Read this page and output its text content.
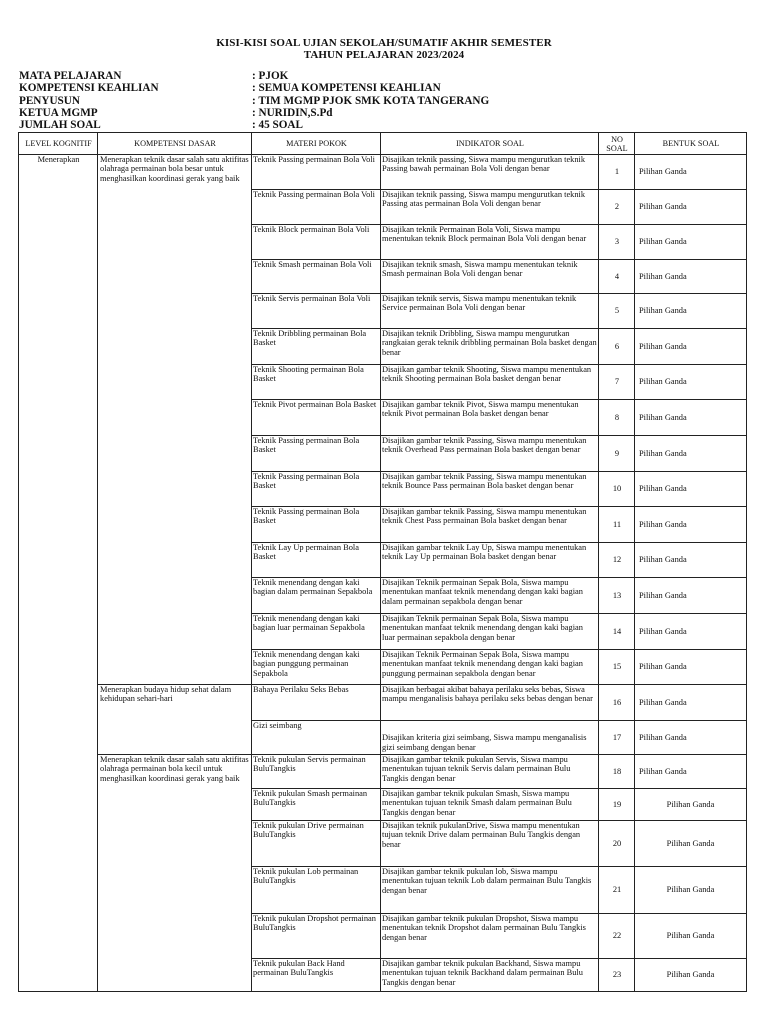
KISI-KISI SOAL UJIAN SEKOLAH/SUMATIF AKHIR SEMESTER
TAHUN PELAJARAN 2023/2024
MATA PELAJARAN	: PJOK
KOMPETENSI KEAHLIAN	: SEMUA KOMPETENSI KEAHLIAN
PENYUSUN	: TIM MGMP PJOK SMK KOTA TANGERANG
KETUA MGMP	: NURIDIN,S.Pd
JUMLAH SOAL	: 45 SOAL
LEVEL KOGNITIF	KOMPETENSI DASAR	MATERI POKOK	INDIKATOR SOAL	NO SOAL	BENTUK SOAL
Menerapkan	Menerapkan teknik dasar salah satu aktifitas olahraga permainan bola besar untuk menghasilkan koordinasi gerak yang baik	Teknik Passing permainan Bola Voli	Disajikan teknik passing, Siswa mampu mengurutkan teknik Passing bawah permainan Bola Voli dengan benar	1	Pilihan Ganda
		Teknik Passing permainan Bola Voli	Disajikan teknik passing, Siswa mampu mengurutkan teknik Passing atas permainan Bola Voli dengan benar	2	Pilihan Ganda
		Teknik Block permainan Bola Voli	Disajikan teknik Permainan Bola Voli, Siswa mampu menentukan teknik Block permainan Bola Voli dengan benar	3	Pilihan Ganda
		Teknik Smash permainan Bola Voli	Disajikan teknik smash, Siswa mampu menentukan teknik Smash permainan Bola Voli dengan benar	4	Pilihan Ganda
		Teknik Servis permainan Bola Voli	Disajikan teknik servis, Siswa mampu menentukan teknik Service permainan Bola Voli dengan benar	5	Pilihan Ganda
		Teknik Dribbling permainan Bola Basket	Disajikan teknik Dribbling, Siswa mampu mengurutkan rangkaian gerak teknik dribbling permainan Bola basket dengan benar	6	Pilihan Ganda
		Teknik Shooting permainan Bola Basket	Disajikan gambar teknik Shooting, Siswa mampu menentukan teknik Shooting permainan Bola basket dengan benar	7	Pilihan Ganda
		Teknik Pivot permainan Bola Basket	Disajikan gambar teknik Pivot, Siswa mampu menentukan teknik Pivot permainan Bola basket dengan benar	8	Pilihan Ganda
		Teknik Passing permainan Bola Basket	Disajikan gambar teknik Passing, Siswa mampu menentukan teknik Overhead Pass permainan Bola basket dengan benar	9	Pilihan Ganda
		Teknik Passing permainan Bola Basket	Disajikan gambar teknik Passing, Siswa mampu menentukan teknik Bounce Pass permainan Bola basket dengan benar	10	Pilihan Ganda
		Teknik Passing permainan Bola Basket	Disajikan gambar teknik Passing, Siswa mampu menentukan teknik Chest Pass permainan Bola basket dengan benar	11	Pilihan Ganda
		Teknik Lay Up permainan Bola Basket	Disajikan gambar teknik Lay Up, Siswa mampu menentukan teknik Lay Up permainan Bola basket dengan benar	12	Pilihan Ganda
		Teknik menendang dengan kaki bagian dalam permainan Sepakbola	Disajikan Teknik permainan Sepak Bola, Siswa mampu menentukan manfaat teknik menendang dengan kaki bagian dalam permainan sepakbola dengan benar	13	Pilihan Ganda
		Teknik menendang dengan kaki bagian luar permainan Sepakbola	Disajikan Teknik permainan Sepak Bola, Siswa mampu menentukan manfaat teknik menendang dengan kaki bagian luar permainan sepakbola dengan benar	14	Pilihan Ganda
		Teknik menendang dengan kaki bagian punggung permainan Sepakbola	Disajikan Teknik Permainan Sepak Bola, Siswa mampu menentukan manfaat teknik menendang dengan kaki bagian punggung permainan sepakbola dengan benar	15	Pilihan Ganda
	Menerapkan budaya hidup sehat dalam kehidupan sehari-hari	Bahaya Perilaku Seks Bebas	Disajikan berbagai akibat bahaya perilaku seks bebas, Siswa mampu menganalisis bahaya perilaku seks bebas dengan benar	16	Pilihan Ganda
		Gizi seimbang	Disajikan kriteria gizi seimbang, Siswa mampu menganalisis gizi seimbang dengan benar	17	Pilihan Ganda
	Menerapkan teknik dasar salah satu aktifitas olahraga permainan bola kecil untuk menghasilkan koordinasi gerak yang baik	Teknik pukulan Servis permainan BuluTangkis	Disajikan gambar teknik pukulan Servis, Siswa mampu menentukan tujuan teknik Servis dalam permainan Bulu Tangkis dengan benar	18	Pilihan Ganda
		Teknik pukulan Smash permainan BuluTangkis	Disajikan gambar teknik pukulan Smash, Siswa mampu menentukan tujuan teknik Smash dalam permainan Bulu Tangkis dengan benar	19	Pilihan Ganda
		Teknik pukulan Drive permainan BuluTangkis	Disajikan teknik pukulanDrive, Siswa mampu menentukan tujuan teknik Drive dalam permainan Bulu Tangkis dengan benar	20	Pilihan Ganda
		Teknik pukulan Lob permainan BuluTangkis	Disajikan gambar teknik pukulan lob, Siswa mampu menentukan tujuan teknik Lob dalam permainan Bulu Tangkis dengan benar	21	Pilihan Ganda
		Teknik pukulan Dropshot permainan BuluTangkis	Disajikan gambar teknik pukulan Dropshot, Siswa mampu menentukan teknik Dropshot dalam permainan Bulu Tangkis dengan benar	22	Pilihan Ganda
		Teknik pukulan Back Hand permainan BuluTangkis	Disajikan gambar teknik pukulan Backhand, Siswa mampu menentukan tujuan teknik Backhand dalam permainan Bulu Tangkis dengan benar	23	Pilihan Ganda
